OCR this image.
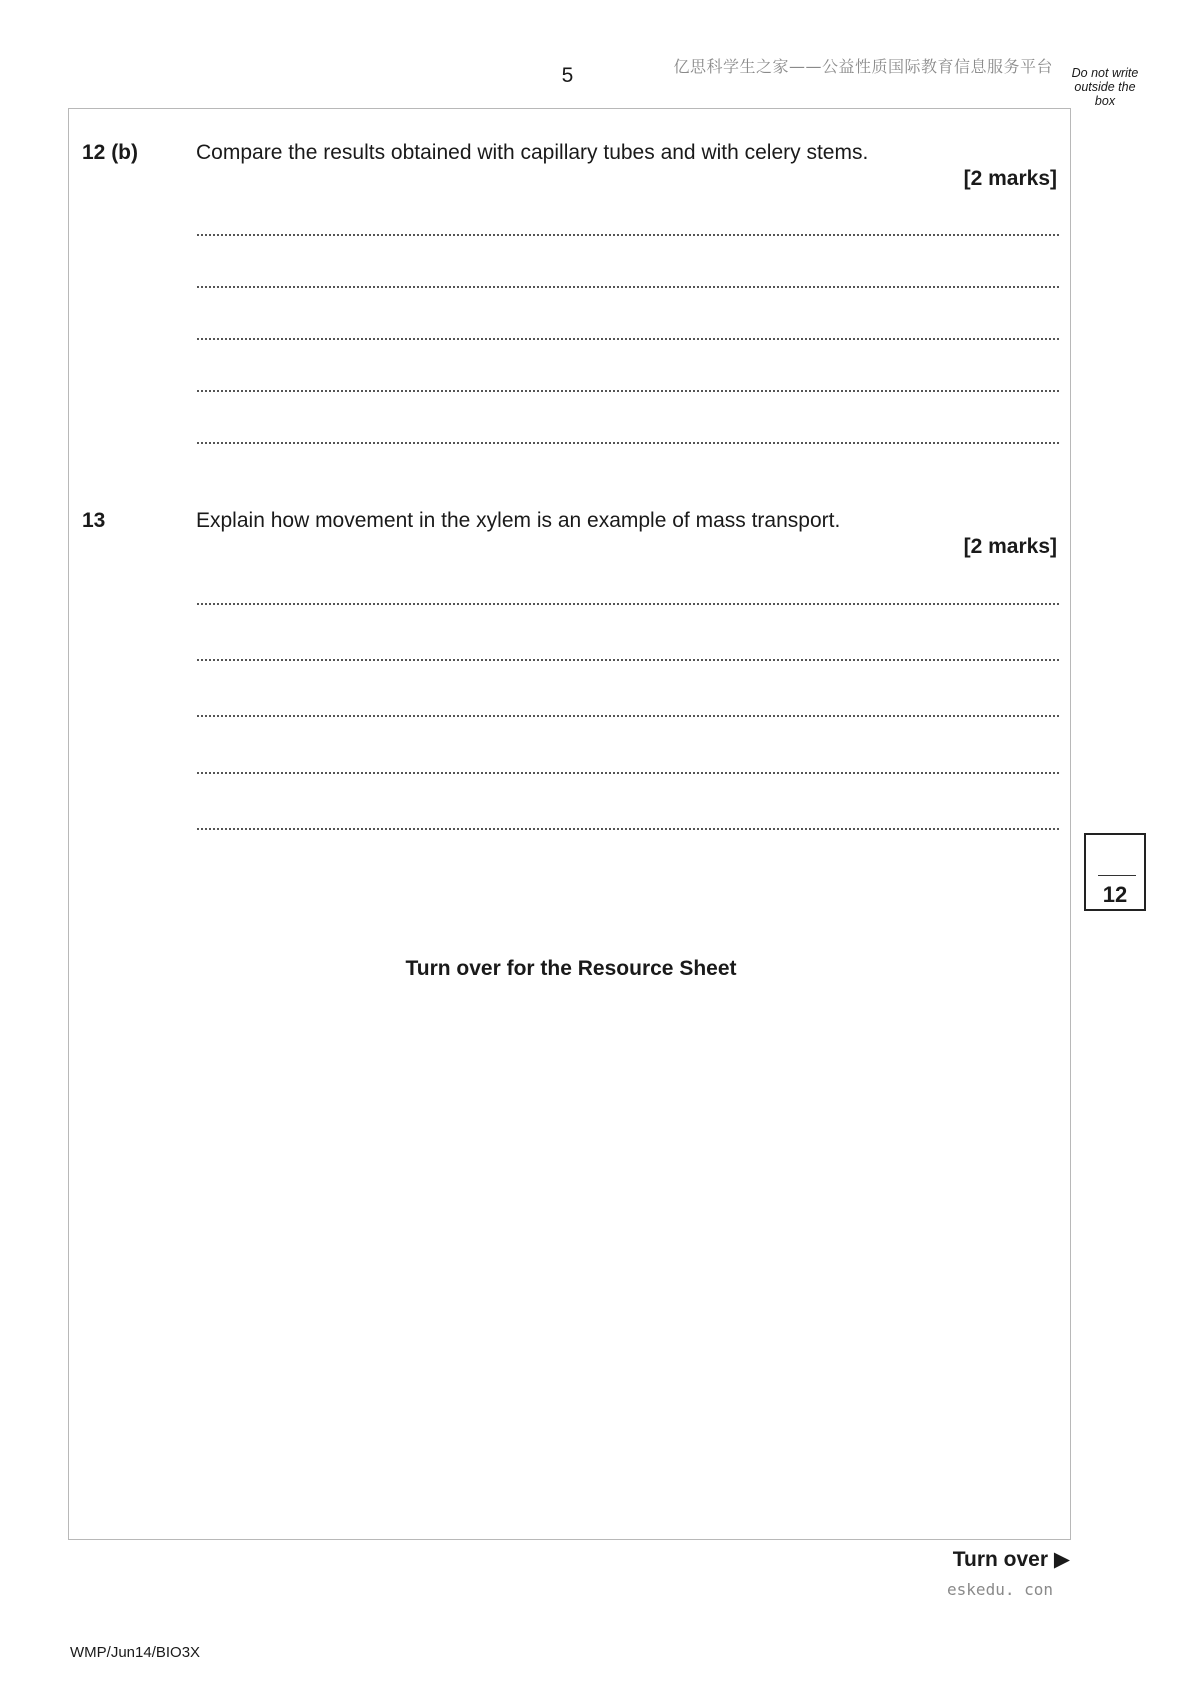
5	亿思科学生之家——公益性质国际教育信息服务平台	Do not write outside the box
12 (b)	Compare the results obtained with capillary tubes and with celery stems.
[2 marks]
13	Explain how movement in the xylem is an example of mass transport.
[2 marks]
Turn over for the Resource Sheet
12
Turn over ▶
eskedu. con
WMP/Jun14/BIO3X
